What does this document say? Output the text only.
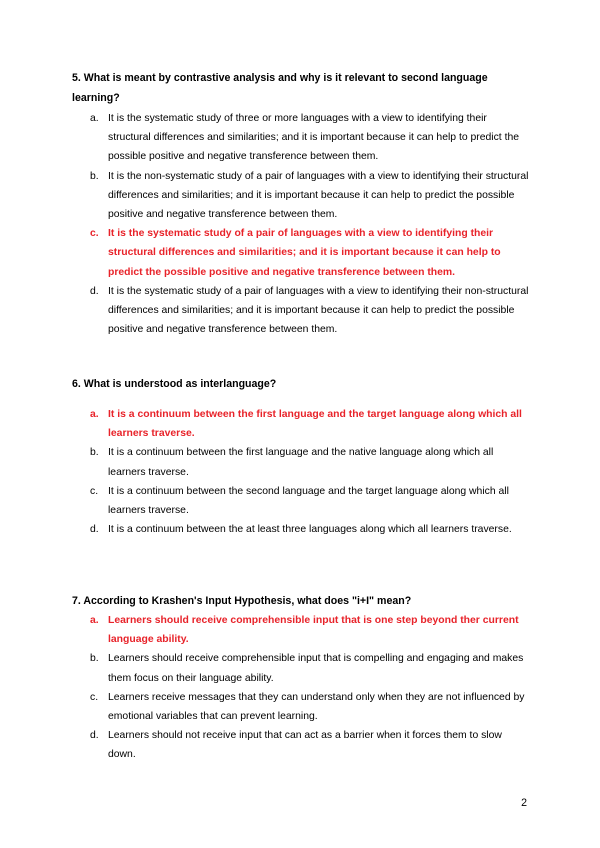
5. What is meant by contrastive analysis and why is it relevant to second language learning?

a. It is the systematic study of three or more languages with a view to identifying their structural differences and similarities; and it is important because it can help to predict the possible positive and negative transference between them.
b. It is the non-systematic study of a pair of languages with a view to identifying their structural differences and similarities; and it is important because it can help to predict the possible positive and negative transference between them.
c. It is the systematic study of a pair of languages with a view to identifying their structural differences and similarities; and it is important because it can help to predict the possible positive and negative transference between them.
d. It is the systematic study of a pair of languages with a view to identifying their non-structural differences and similarities; and it is important because it can help to predict the possible positive and negative transference between them.

6. What is understood as interlanguage?

a. It is a continuum between the first language and the target language along which all learners traverse.
b. It is a continuum between the first language and the native language along which all learners traverse.
c. It is a continuum between the second language and the target language along which all learners traverse.
d. It is a continuum between the at least three languages along which all learners traverse.

7. According to Krashen's Input Hypothesis, what does "i+I" mean?

a. Learners should receive comprehensible input that is one step beyond ther current language ability.
b. Learners should receive comprehensible input that is compelling and engaging and makes them focus on their language ability.
c. Learners receive messages that they can understand only when they are not influenced by emotional variables that can prevent learning.
d. Learners should not receive input that can act as a barrier when it forces them to slow down.
2
